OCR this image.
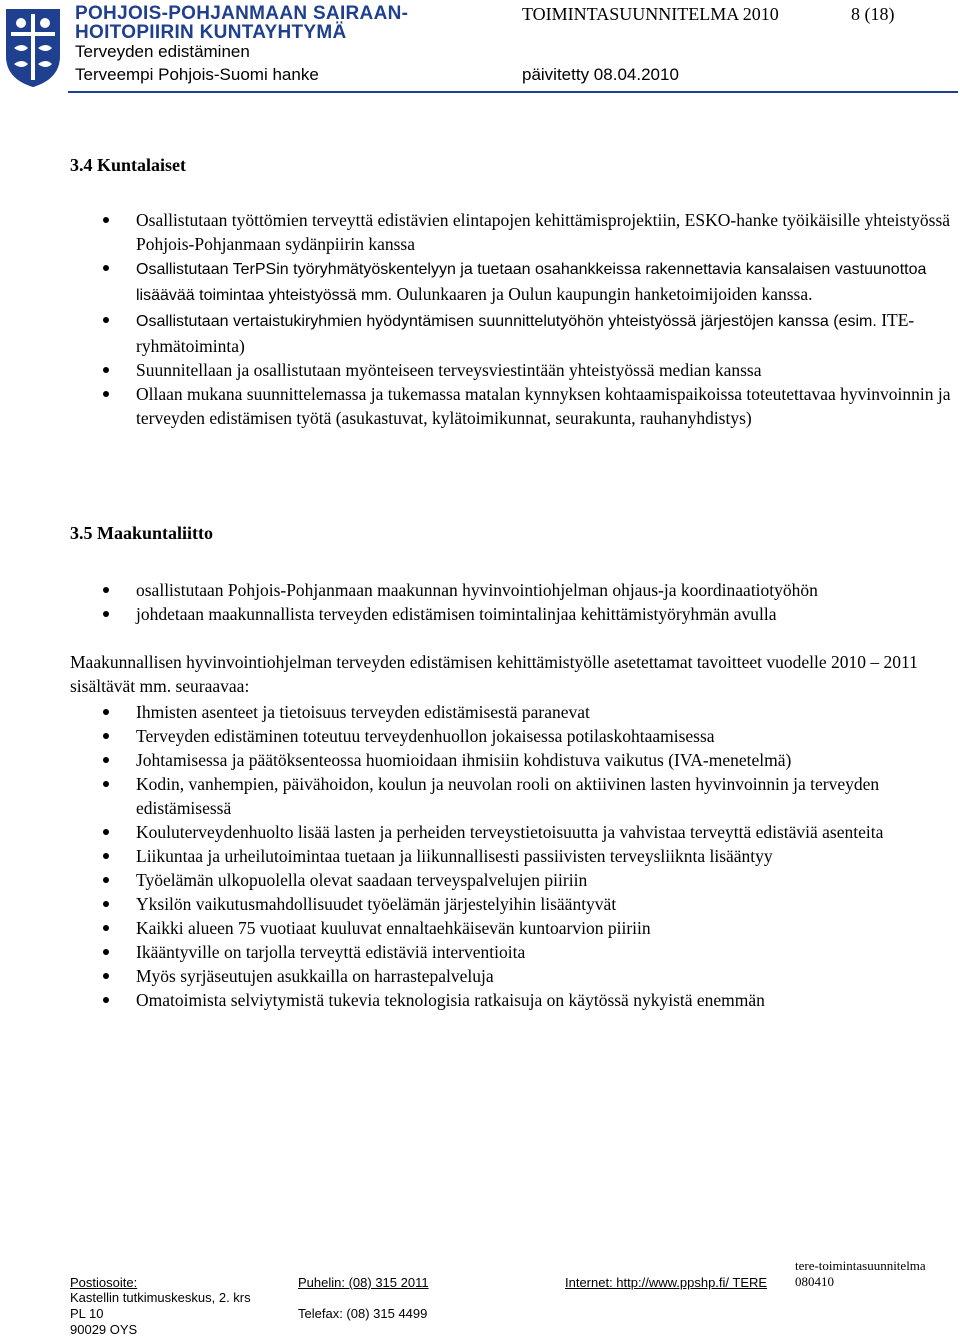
POHJOIS-POHJANMAAN SAIRAAN-
HOITOPIIRIN KUNTAYHTYMÄ
TOIMINTASUUNNITELMA 2010	8 (18)
Terveyden edistäminen
Terveempi Pohjois-Suomi hanke	päivitetty 08.04.2010
3.4 Kuntalaiset
Osallistutaan työttömien terveyttä edistävien elintapojen kehittämisprojektiin, ESKO-hanke työikäisille yhteistyössä Pohjois-Pohjanmaan sydänpiirin kanssa
Osallistutaan TerPSin työryhmätyöskentelyyn ja tuetaan osahankkeissa rakennettavia kansalaisen vastuunottoa lisäävää toimintaa yhteistyössä mm. Oulunkaaren ja Oulun kaupungin hanketoimijoiden kanssa.
Osallistutaan vertaistukiryhmien hyödyntämisen suunnittelutyöhön yhteistyössä järjestöjen kanssa (esim. ITE-ryhmätoiminta)
Suunnitellaan ja osallistutaan myönteiseen terveysviestintään yhteistyössä median kanssa
Ollaan mukana suunnittelemassa ja tukemassa matalan kynnyksen kohtaamispaikoissa toteutettavaa hyvinvoinnin ja terveyden edistämisen työtä (asukastuvat, kylätoimikunnat, seurakunta, rauhanyhdistys)
3.5 Maakuntaliitto
osallistutaan Pohjois-Pohjanmaan maakunnan hyvinvointiohjelman ohjaus-ja koordinaatiotyöhön
johdetaan maakunnallista terveyden edistämisen toimintalinjaa kehittämistyöryhmän avulla
Maakunnallisen hyvinvointiohjelman terveyden edistämisen kehittämistyölle asetettamat tavoitteet vuodelle 2010 – 2011 sisältävät mm. seuraavaa:
Ihmisten asenteet ja tietoisuus terveyden edistämisestä paranevat
Terveyden edistäminen toteutuu terveydenhuollon jokaisessa potilaskohtaamisessa
Johtamisessa ja päätöksenteossa huomioidaan ihmisiin kohdistuva vaikutus (IVA-menetelmä)
Kodin, vanhempien, päivähoidon, koulun ja neuvolan rooli on aktiivinen lasten hyvinvoinnin ja terveyden edistämisessä
Kouluterveydenhuolto lisää lasten ja perheiden terveystietoisuutta ja vahvistaa terveyttä edistäviä asenteita
Liikuntaa ja urheilutoimintaa tuetaan ja liikunnallisesti passiivisten terveysliiknta lisääntyy
Työelämän ulkopuolella olevat saadaan terveyspalvelujen piiriin
Yksilön vaikutusmahdollisuudet työelämän järjestelyihin lisääntyvät
Kaikki alueen 75 vuotiaat kuuluvat ennaltaehkäisevän kuntoarvion piiriin
Ikääntyville on tarjolla terveyttä edistäviä interventioita
Myös syrjäseutujen asukkailla on harrastepalveluja
Omatoimista selviytymistä tukevia teknologisia ratkaisuja on käytössä nykyistä enemmän
tere-toimintasuunnitelma 080410
Postiosoite:	Puhelin: (08) 315 2011	Internet: http://www.ppshp.fi/ TERE
Kastellin tutkimuskeskus, 2. krs
PL 10	Telefax: (08) 315 4499
90029 OYS
